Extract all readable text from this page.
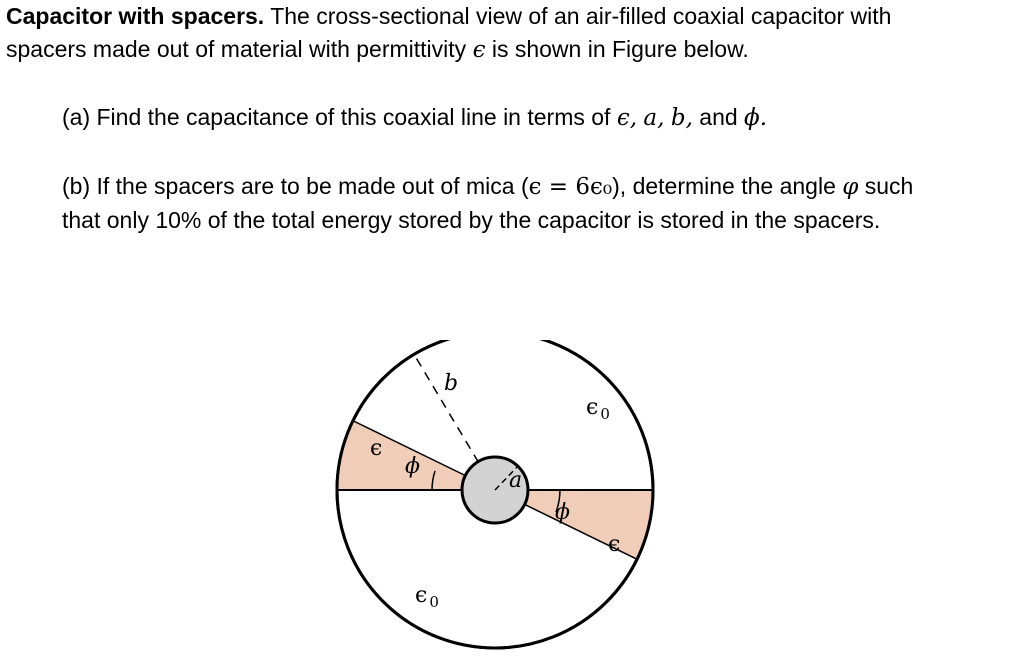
Capacitor with spacers. The cross-sectional view of an air-filled coaxial capacitor with
spacers made out of material with permittivity ϵ is shown in Figure below.
(a) Find the capacitance of this coaxial line in terms of ϵ, a, b, and ϕ.
(b) If the spacers are to be made out of mica (ϵ = 6ϵ₀), determine the angle φ such
that only 10% of the total energy stored by the capacitor is stored in the spacers.
b
a
ϵ $_0$
ϵ $_0$
ϵ
ϵ
ϕ
ϕ
